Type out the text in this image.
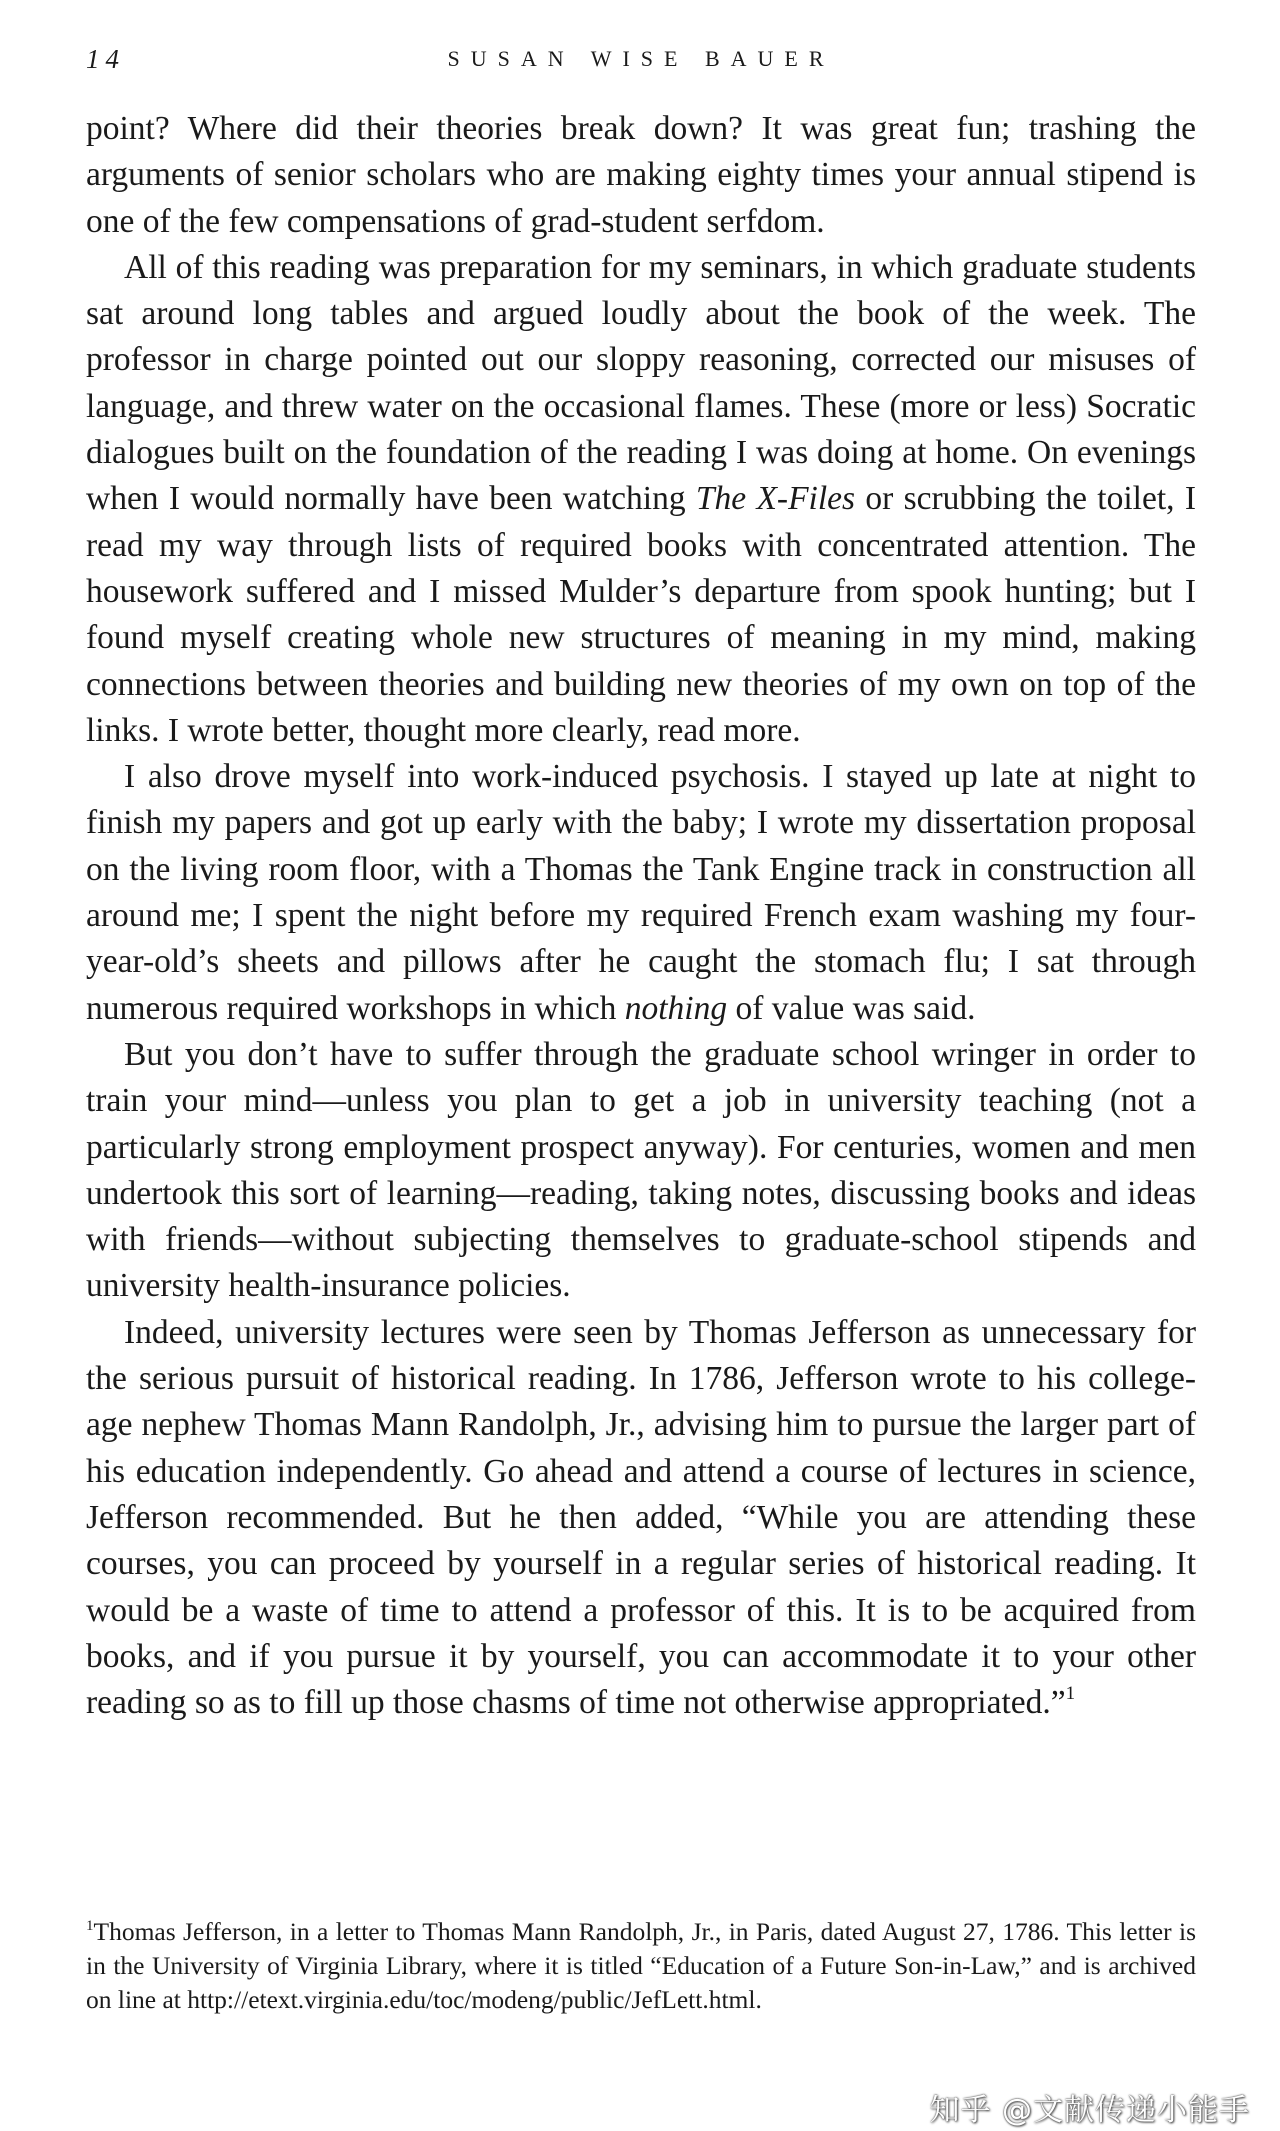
14	SUSAN WISE BAUER

point? Where did their theories break down? It was great fun; trashing the arguments of senior scholars who are making eighty times your annual stipend is one of the few compensations of grad-student serfdom.

All of this reading was preparation for my seminars, in which graduate students sat around long tables and argued loudly about the book of the week. The professor in charge pointed out our sloppy reasoning, corrected our misuses of language, and threw water on the occasional flames. These (more or less) Socratic dialogues built on the foundation of the reading I was doing at home. On evenings when I would normally have been watching The X-Files or scrubbing the toilet, I read my way through lists of required books with concentrated attention. The housework suffered and I missed Mulder’s departure from spook hunting; but I found myself creating whole new structures of meaning in my mind, making connections between theories and building new theories of my own on top of the links. I wrote better, thought more clearly, read more.

I also drove myself into work-induced psychosis. I stayed up late at night to finish my papers and got up early with the baby; I wrote my dissertation proposal on the living room floor, with a Thomas the Tank Engine track in construction all around me; I spent the night before my required French exam washing my four-year-old’s sheets and pillows after he caught the stomach flu; I sat through numerous required workshops in which nothing of value was said.

But you don’t have to suffer through the graduate school wringer in order to train your mind—unless you plan to get a job in university teaching (not a particularly strong employment prospect anyway). For centuries, women and men undertook this sort of learning—reading, taking notes, discussing books and ideas with friends—without subjecting themselves to graduate-school stipends and university health-insurance policies.

Indeed, university lectures were seen by Thomas Jefferson as unnecessary for the serious pursuit of historical reading. In 1786, Jefferson wrote to his college-age nephew Thomas Mann Randolph, Jr., advising him to pursue the larger part of his education independently. Go ahead and attend a course of lectures in science, Jefferson recommended. But he then added, “While you are attending these courses, you can proceed by yourself in a regular series of historical reading. It would be a waste of time to attend a professor of this. It is to be acquired from books, and if you pursue it by yourself, you can accommodate it to your other reading so as to fill up those chasms of time not otherwise appropriated.”$^1$

$^1$Thomas Jefferson, in a letter to Thomas Mann Randolph, Jr., in Paris, dated August 27, 1786. This letter is in the University of Virginia Library, where it is titled “Education of a Future Son-in-Law,” and is archived on line at http://etext.virginia.edu/toc/modeng/public/JefLett.html.

知乎 @文献传递小能手
